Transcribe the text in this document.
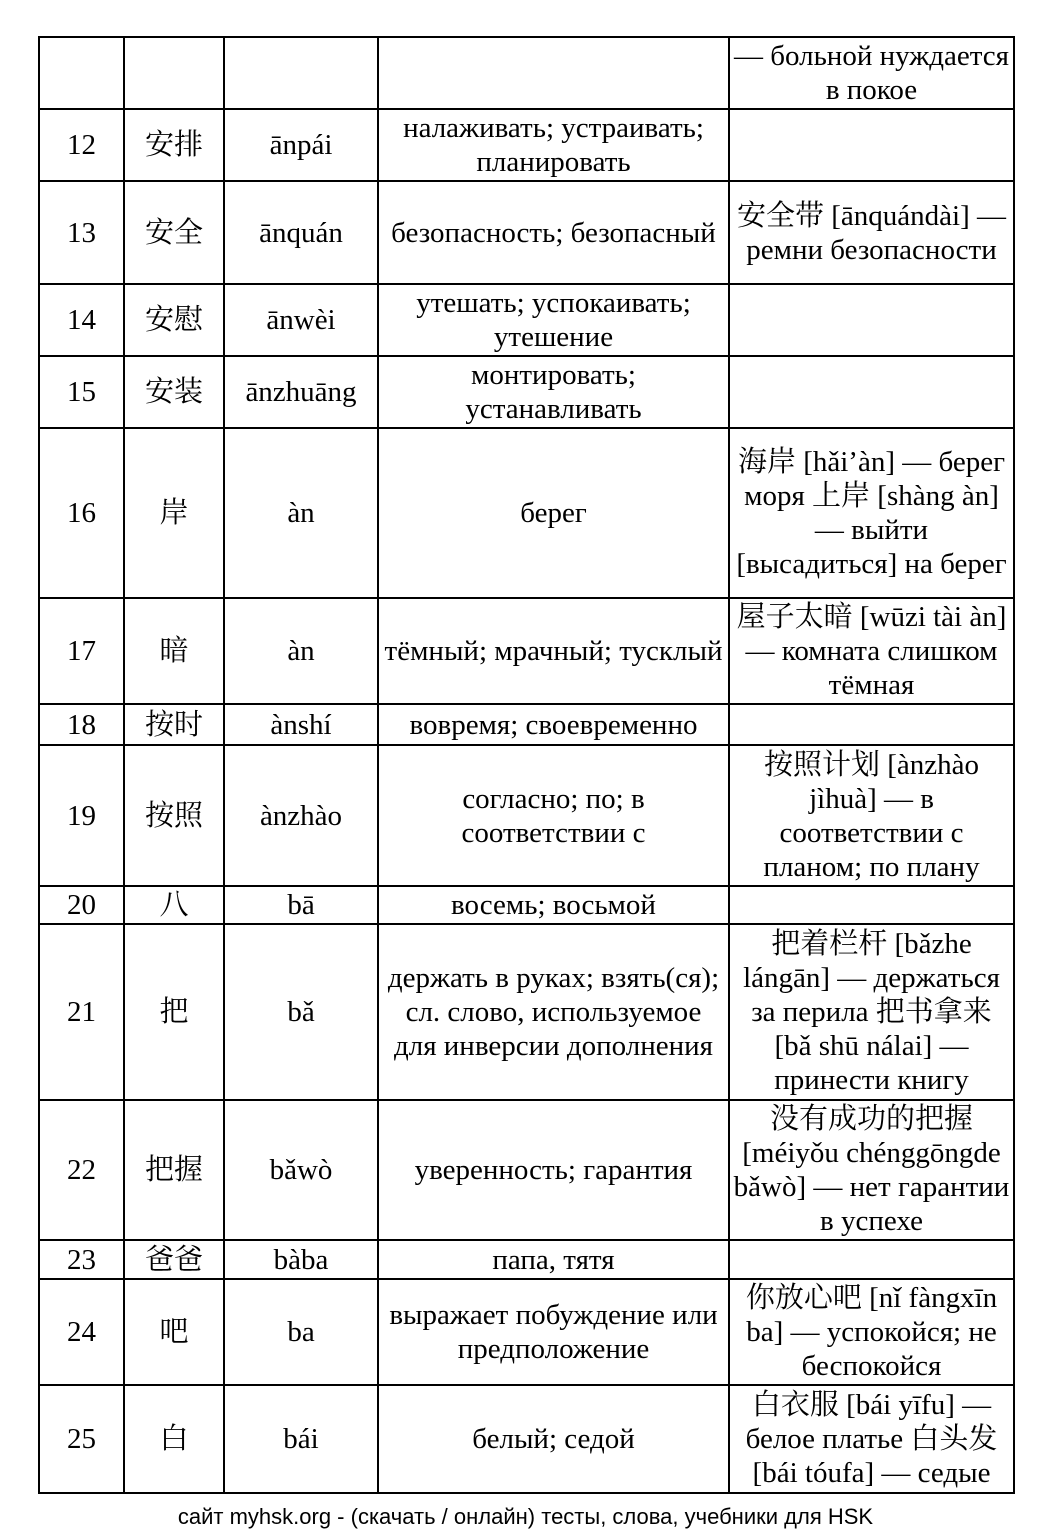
				— больной нуждается в покое
12	安排	ānpái	налаживать; устраивать; планировать	
13	安全	ānquán	безопасность; безопасный	安全带 [ānquándài] — ремни безопасности
14	安慰	ānwèi	утешать; успокаивать; утешение	
15	安装	ānzhuāng	монтировать; устанавливать	
16	岸	àn	берег	海岸 [hǎi’àn] — берег моря 上岸 [shàng àn] — выйти [высадиться] на берег
17	暗	àn	тёмный; мрачный; тусклый	屋子太暗 [wūzi tài àn] — комната слишком тёмная
18	按时	ànshí	вовремя; своевременно	
19	按照	ànzhào	согласно; по; в соответствии с	按照计划 [ànzhào jìhuà] — в соответствии с планом; по плану
20	八	bā	восемь; восьмой	
21	把	bǎ	держать в руках; взять(ся); сл. слово, используемое для инверсии дополнения	把着栏杆 [bǎzhe lángān] — держаться за перила 把书拿来 [bǎ shū nálai] — принести книгу
22	把握	bǎwò	уверенность; гарантия	没有成功的把握 [méiyǒu chénggōngde bǎwò] — нет гарантии в успехе
23	爸爸	bàba	папа, тятя	
24	吧	ba	выражает побуждение или предположение	你放心吧 [nǐ fàngxīn ba] — успокойся; не беспокойся
25	白	bái	белый; седой	白衣服 [bái yīfu] — белое платье 白头发 [bái tóufa] — седые
сайт myhsk.org - (скачать / онлайн) тесты, слова, учебники для HSK
